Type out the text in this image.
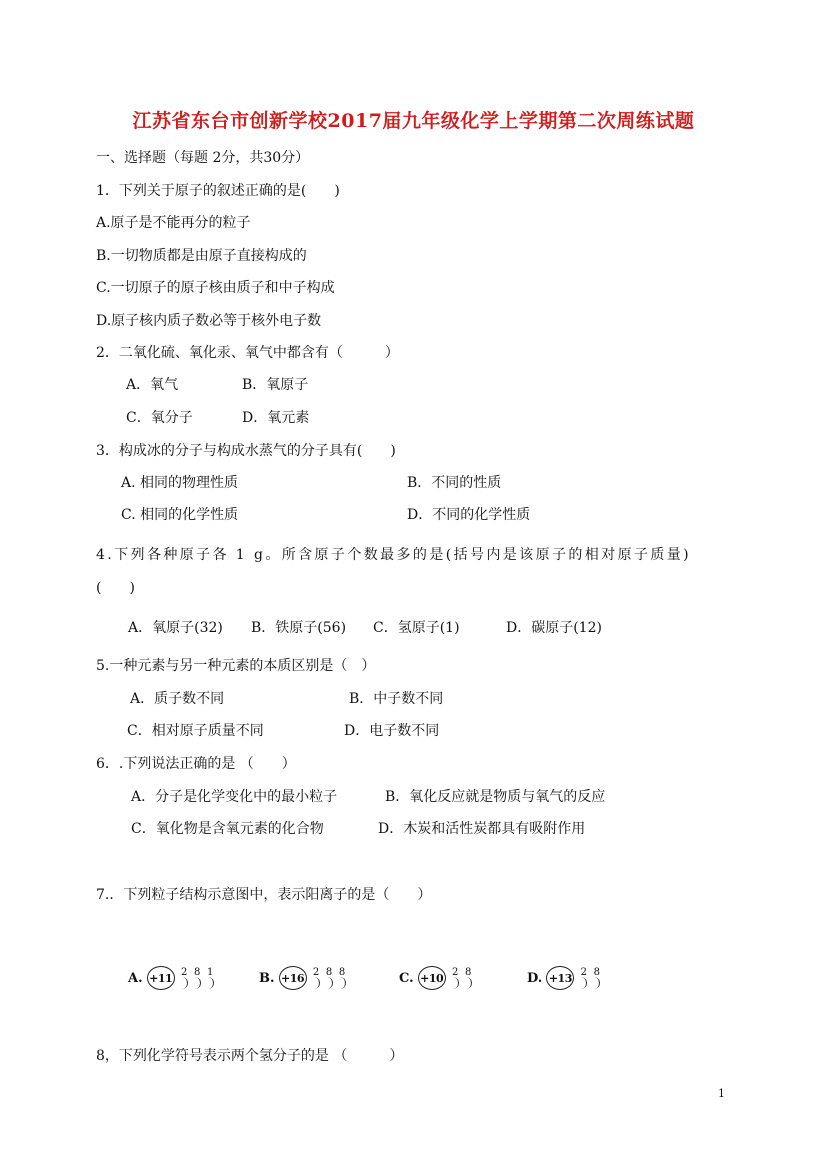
江苏省东台市创新学校2017届九年级化学上学期第二次周练试题
一、选择题（每题 2分，共30分）
1．下列关于原子的叙述正确的是(　　)
A.原子是不能再分的粒子
B.一切物质都是由原子直接构成的
C.一切原子的原子核由质子和中子构成
D.原子核内质子数必等于核外电子数
2．二氧化硫、氧化汞、氧气中都含有（　　　）
A．氧气	B．氧原子
C．氧分子	D．氧元素
3．构成冰的分子与构成水蒸气的分子具有(　　)
A. 相同的物理性质	B．不同的性质
C. 相同的化学性质	D．不同的化学性质
4.下列各种原子各 1 g。所含原子个数最多的是(括号内是该原子的相对原子质量)
(　　)
A．氧原子(32) B．铁原子(56) C．氢原子(1)	D．碳原子(12)
5.一种元素与另一种元素的本质区别是（　）
A．质子数不同	B．中子数不同
C．相对原子质量不同	D．电子数不同
6．.下列说法正确的是 （　　）
A．分子是化学变化中的最小粒子	B．氧化反应就是物质与氧气的反应
C．氧化物是含氧元素的化合物	D．木炭和活性炭都具有吸附作用
7.．下列粒子结构示意图中，表示阳离子的是（　　）
A. +11 2 8 1	B. +16 2 8 8	C. +10 2 8	D. +13 2 8
8，下列化学符号表示两个氢分子的是 （　　　）
1
